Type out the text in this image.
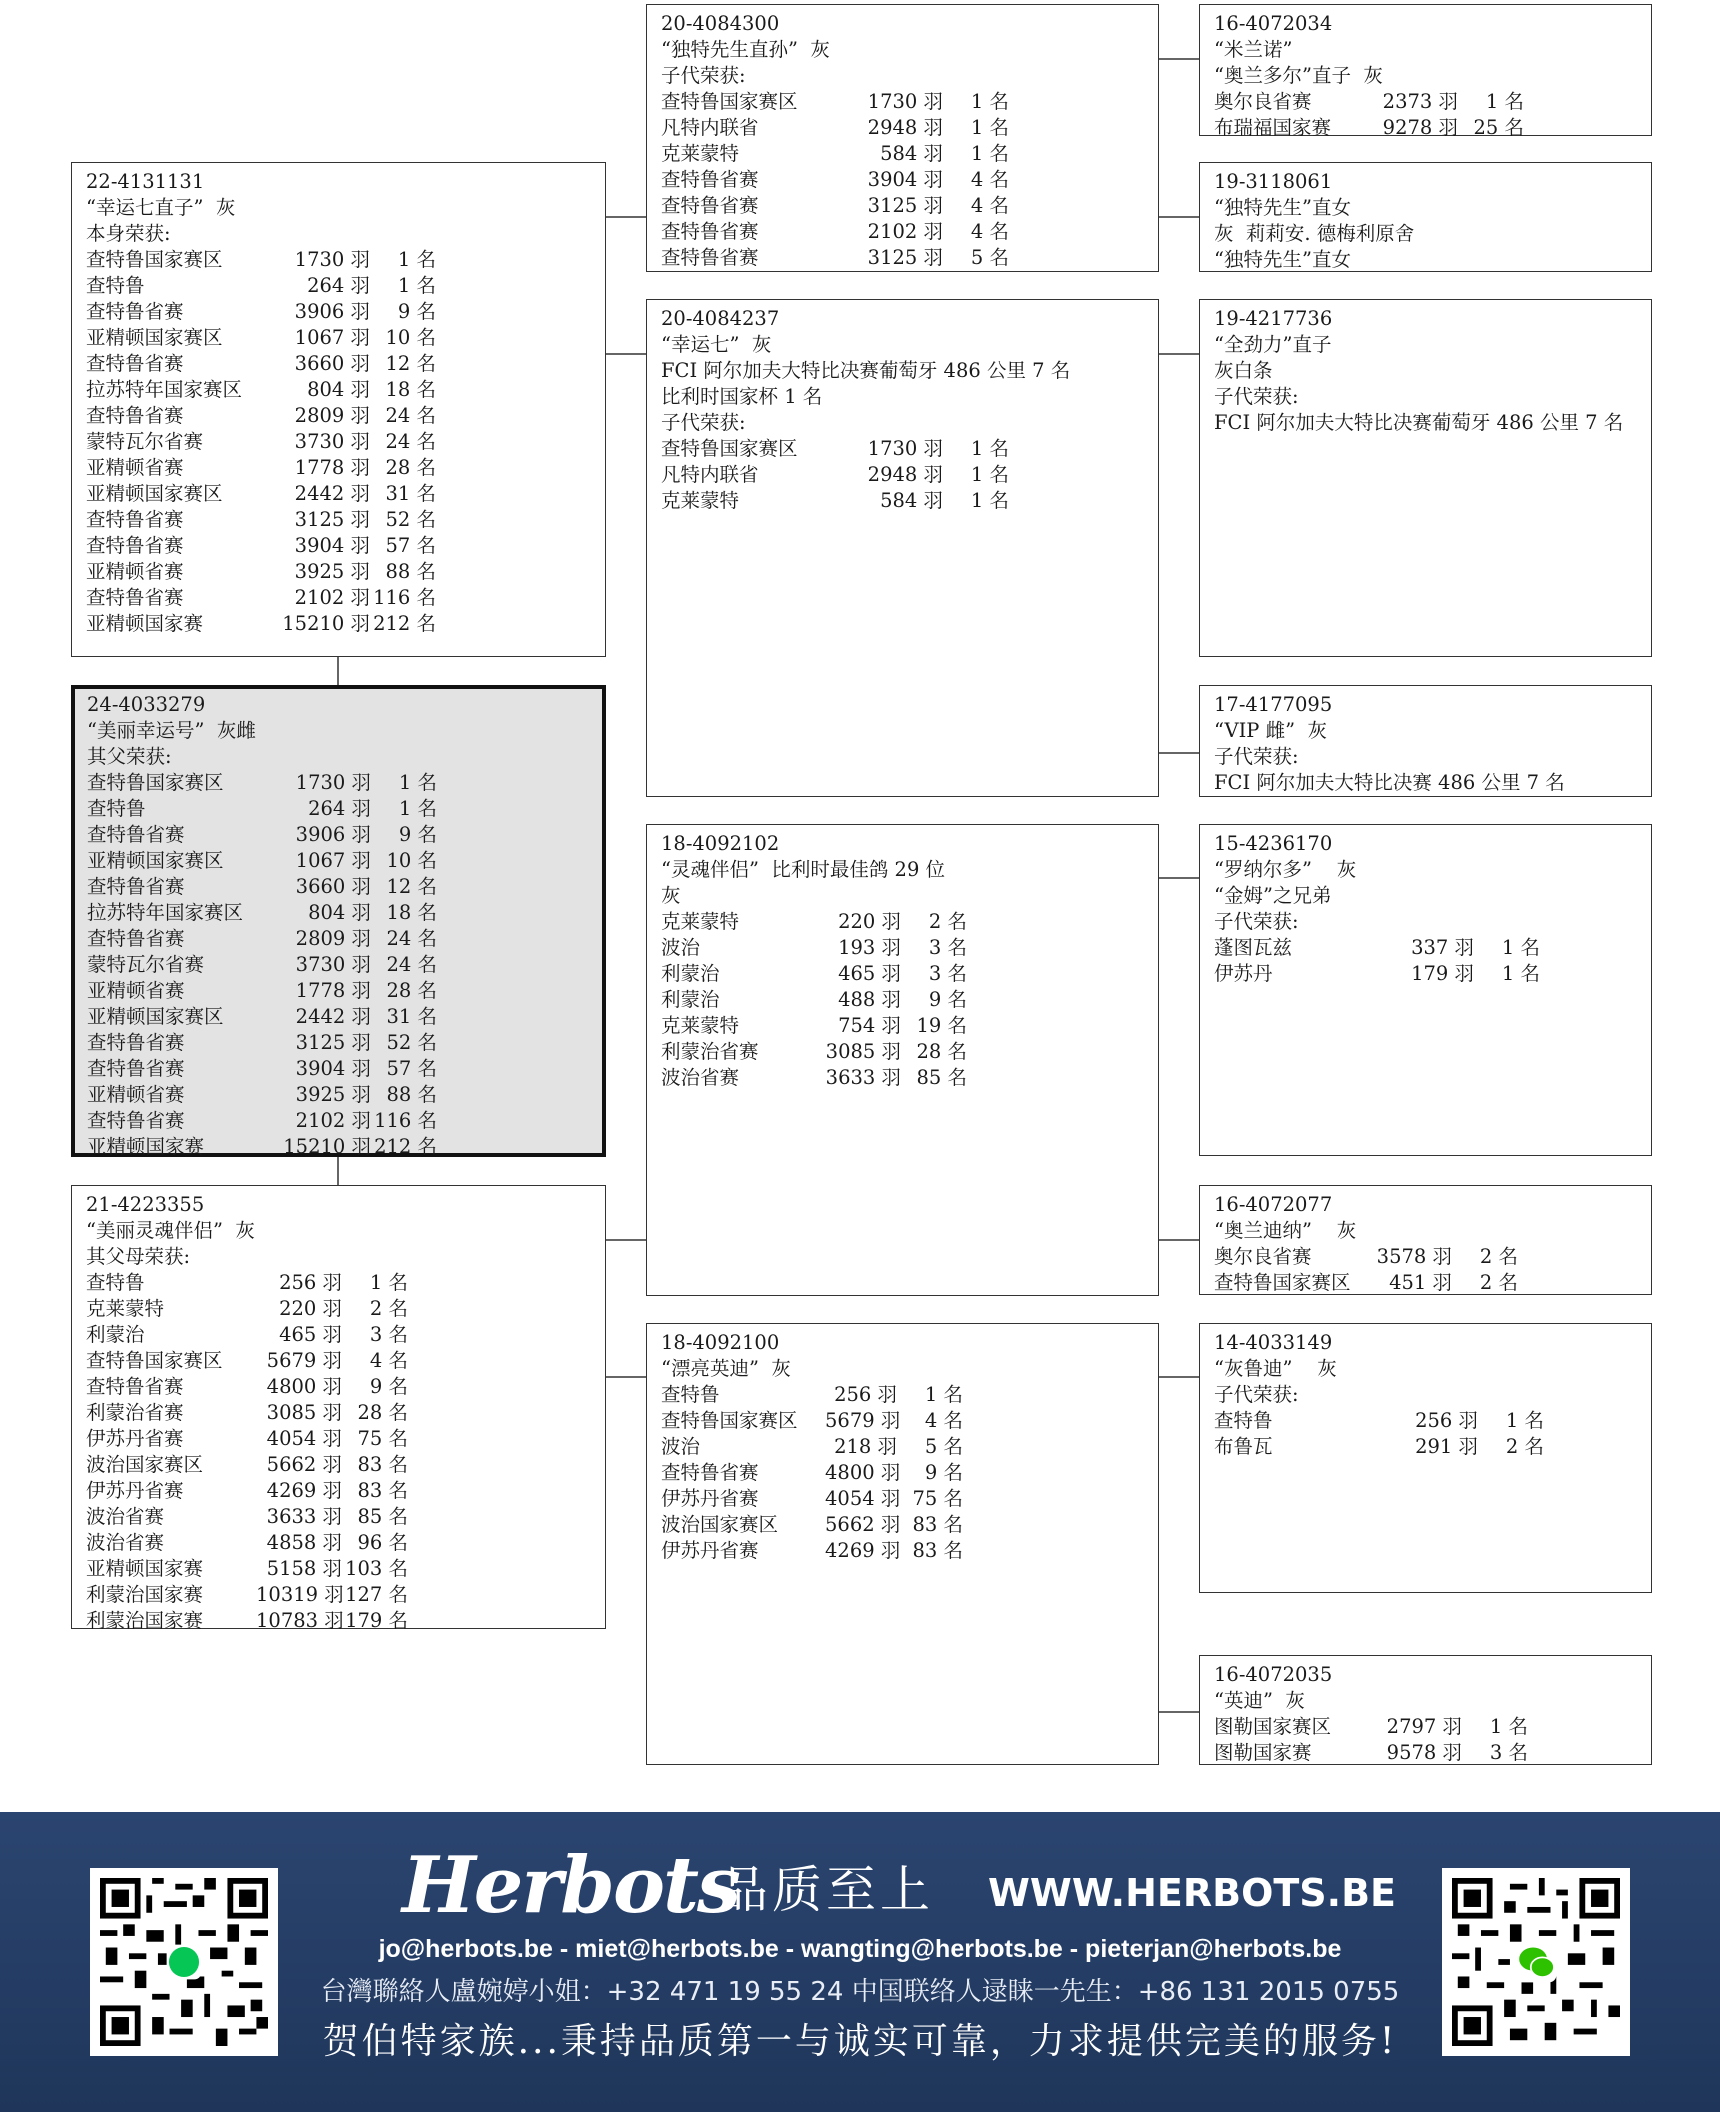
22-4131131
“幸运七直子”  灰
本身荣获:
查特鲁国家赛区	1730 羽	1 名
查特鲁	264 羽	1 名
查特鲁省赛	3906 羽	9 名
亚精顿国家赛区	1067 羽 10 名
查特鲁省赛	3660 羽 12 名
拉苏特年国家赛区	804 羽 18 名
查特鲁省赛	2809 羽 24 名
蒙特瓦尔省赛	3730 羽 24 名
亚精顿省赛	1778 羽 28 名
亚精顿国家赛区	2442 羽 31 名
查特鲁省赛	3125 羽 52 名
查特鲁省赛	3904 羽 57 名
亚精顿省赛	3925 羽 88 名
查特鲁省赛	2102 羽 116 名
亚精顿国家赛	15210 羽 212 名
24-4033279
“美丽幸运号”  灰雌
其父荣获:
查特鲁国家赛区	1730 羽	1 名
查特鲁	264 羽	1 名
查特鲁省赛	3906 羽	9 名
亚精顿国家赛区	1067 羽 10 名
查特鲁省赛	3660 羽 12 名
拉苏特年国家赛区	804 羽 18 名
查特鲁省赛	2809 羽 24 名
蒙特瓦尔省赛	3730 羽 24 名
亚精顿省赛	1778 羽 28 名
亚精顿国家赛区	2442 羽 31 名
查特鲁省赛	3125 羽 52 名
查特鲁省赛	3904 羽 57 名
亚精顿省赛	3925 羽 88 名
查特鲁省赛	2102 羽 116 名
亚精顿国家赛	15210 羽 212 名
21-4223355
“美丽灵魂伴侣”  灰
其父母荣获:
查特鲁	256 羽	1 名
克莱蒙特	220 羽	2 名
利蒙治	465 羽	3 名
查特鲁国家赛区	5679 羽	4 名
查特鲁省赛	4800 羽	9 名
利蒙治省赛	3085 羽 28 名
伊苏丹省赛	4054 羽 75 名
波治国家赛区	5662 羽 83 名
伊苏丹省赛	4269 羽 83 名
波治省赛	3633 羽 85 名
波治省赛	4858 羽 96 名
亚精顿国家赛	5158 羽 103 名
利蒙治国家赛	10319 羽 127 名
利蒙治国家赛	10783 羽 179 名
20-4084300
“独特先生直孙”  灰
子代荣获:
查特鲁国家赛区	1730 羽	1 名
凡特内联省	2948 羽	1 名
克莱蒙特	584 羽	1 名
查特鲁省赛	3904 羽	4 名
查特鲁省赛	3125 羽	4 名
查特鲁省赛	2102 羽	4 名
查特鲁省赛	3125 羽	5 名
20-4084237
“幸运七”  灰
FCI 阿尔加夫大特比决赛葡萄牙 486 公里 7 名
比利时国家杯 1 名
子代荣获:
查特鲁国家赛区	1730 羽	1 名
凡特内联省	2948 羽	1 名
克莱蒙特	584 羽	1 名
18-4092102
“灵魂伴侣”  比利时最佳鸽 29 位
灰
克莱蒙特	220 羽	2 名
波治	193 羽	3 名
利蒙治	465 羽	3 名
利蒙治	488 羽	9 名
克莱蒙特	754 羽 19 名
利蒙治省赛	3085 羽 28 名
波治省赛	3633 羽 85 名
18-4092100
“漂亮英迪”  灰
查特鲁	256 羽	1 名
查特鲁国家赛区	5679 羽	4 名
波治	218 羽	5 名
查特鲁省赛	4800 羽	9 名
伊苏丹省赛	4054 羽 75 名
波治国家赛区	5662 羽 83 名
伊苏丹省赛	4269 羽 83 名
16-4072034
“米兰诺”
“奥兰多尔”直子  灰
奥尔良省赛	2373 羽	1 名
布瑞福国家赛	9278 羽 25 名
19-3118061
“独特先生”直女
灰  莉莉安. 德梅利原舍
“独特先生”直女
19-4217736
“全劲力”直子
灰白条
子代荣获:
FCI 阿尔加夫大特比决赛葡萄牙 486 公里 7 名
17-4177095
“VIP 雌”  灰
子代荣获:
FCI 阿尔加夫大特比决赛 486 公里 7 名
15-4236170
“罗纳尔多”    灰
“金姆”之兄弟
子代荣获:
蓬图瓦兹	337 羽	1 名
伊苏丹	179 羽	1 名
16-4072077
“奥兰迪纳”    灰
奥尔良省赛	3578 羽	2 名
查特鲁国家赛区	451 羽	2 名
14-4033149
“灰鲁迪”    灰
子代荣获:
查特鲁	256 羽	1 名
布鲁瓦	291 羽	2 名
16-4072035
“英迪”  灰
图勒国家赛区	2797 羽	1 名
图勒国家赛	9578 羽	3 名
Herbots
品质至上 WWW.HERBOTS.BE
jo@herbots.be - miet@herbots.be - wangting@herbots.be - pieterjan@herbots.be
台灣聯絡人盧婉婷小姐：+32 471 19 55 24 中国联络人逯睐一先生：+86 131 2015 0755
贺伯特家族...秉持品质第一与诚实可靠，力求提供完美的服务!
